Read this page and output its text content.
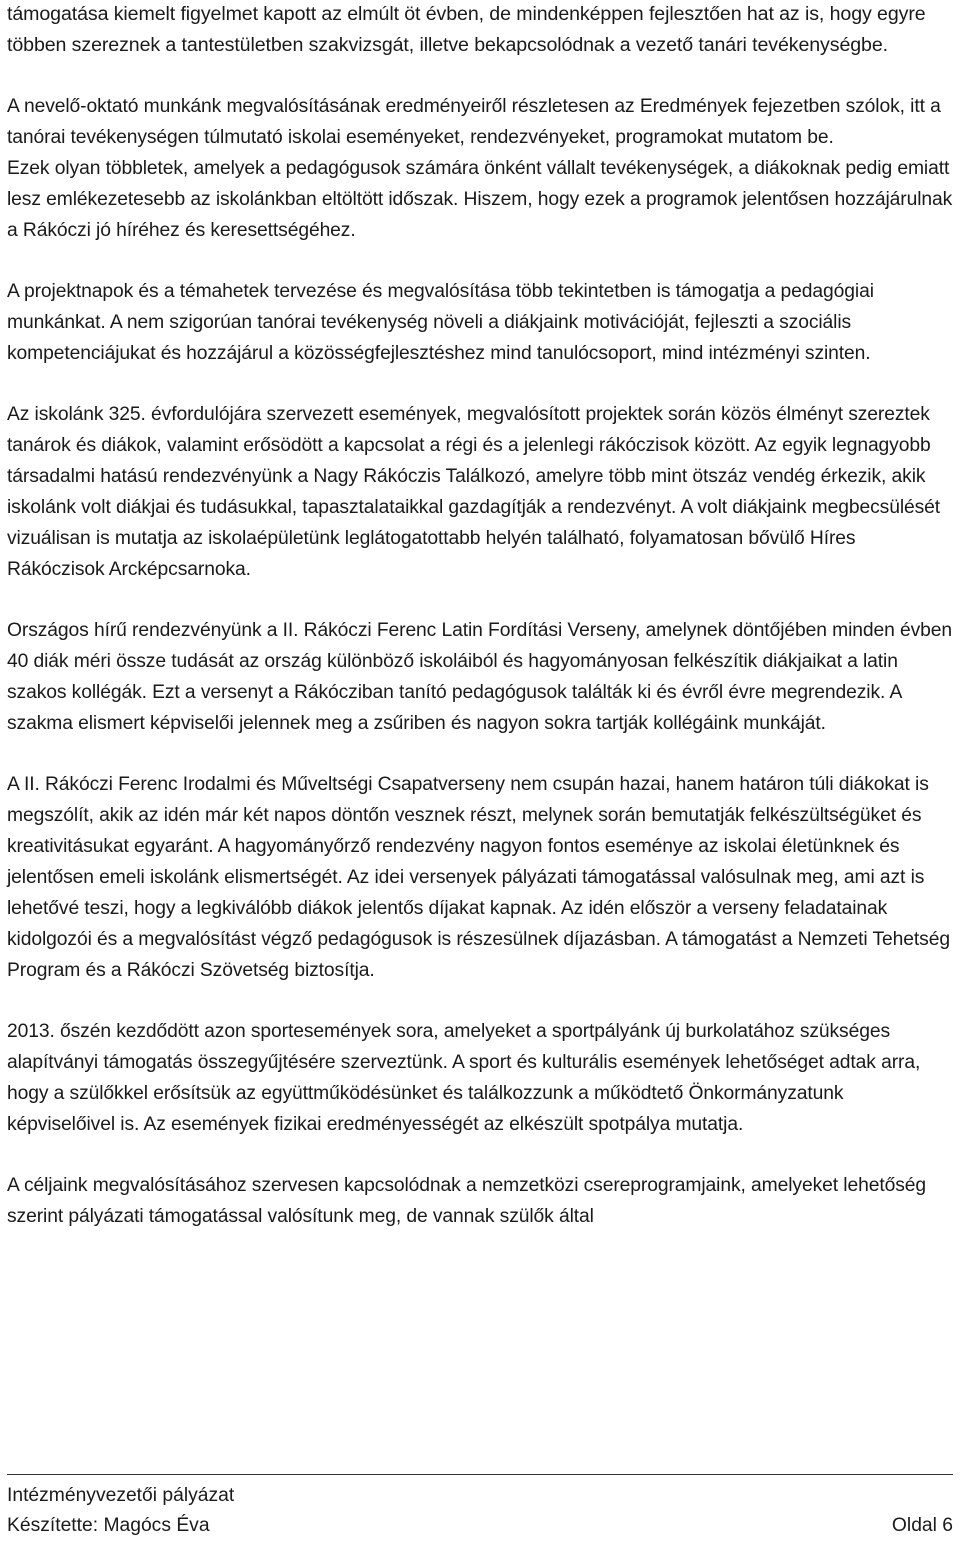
támogatása kiemelt figyelmet kapott az elmúlt öt évben, de mindenképpen fejlesztően hat az is, hogy egyre többen szereznek a tantestületben szakvizsgát, illetve bekapcsolódnak a vezető tanári tevékenységbe.

A nevelő-oktató munkánk megvalósításának eredményeiről részletesen az Eredmények fejezetben szólok, itt a tanórai tevékenységen túlmutató iskolai eseményeket, rendezvényeket, programokat mutatom be.

Ezek olyan többletek, amelyek a pedagógusok számára önként vállalt tevékenységek, a diákoknak pedig emiatt lesz emlékezetesebb az iskolánkban eltöltött időszak. Hiszem, hogy ezek a programok jelentősen hozzájárulnak a Rákóczi jó híréhez és keresettségéhez.

A projektnapok és a témahetek tervezése és megvalósítása több tekintetben is támogatja a pedagógiai munkánkat. A nem szigorúan tanórai tevékenység növeli a diákjaink motivációját, fejleszti a szociális kompetenciájukat és hozzájárul a közösségfejlesztéshez mind tanulócsoport, mind intézményi szinten.

Az iskolánk 325. évfordulójára szervezett események, megvalósított projektek során közös élményt szereztek tanárok és diákok, valamint erősödött a kapcsolat a régi és a jelenlegi rákóczisok között. Az egyik legnagyobb társadalmi hatású rendezvényünk a Nagy Rákóczis Találkozó, amelyre több mint ötszáz vendég érkezik, akik iskolánk volt diákjai és tudásukkal, tapasztalataikkal gazdagítják a rendezvényt. A volt diákjaink megbecsülését vizuálisan is mutatja az iskolaépületünk leglátogatottabb helyén található, folyamatosan bővülő Híres Rákóczisok Arcképcsarnoka.

Országos hírű rendezvényünk a II. Rákóczi Ferenc Latin Fordítási Verseny, amelynek döntőjében minden évben 40 diák méri össze tudását az ország különböző iskoláiból és hagyományosan felkészítik diákjaikat a latin szakos kollégák. Ezt a versenyt a Rákócziban tanító pedagógusok találták ki és évről évre megrendezik. A szakma elismert képviselői jelennek meg a zsűriben és nagyon sokra tartják kollégáink munkáját.

A II. Rákóczi Ferenc Irodalmi és Műveltségi Csapatverseny nem csupán hazai, hanem határon túli diákokat is megszólít, akik az idén már két napos döntőn vesznek részt, melynek során bemutatják felkészültségüket és kreativitásukat egyaránt. A hagyományőrző rendezvény nagyon fontos eseménye az iskolai életünknek és jelentősen emeli iskolánk elismertségét. Az idei versenyek pályázati támogatással valósulnak meg, ami azt is lehetővé teszi, hogy a legkiválóbb diákok jelentős díjakat kapnak. Az idén először a verseny feladatainak kidolgozói és a megvalósítást végző pedagógusok is részesülnek díjazásban. A támogatást a Nemzeti Tehetség Program és a Rákóczi Szövetség biztosítja.

2013. őszén kezdődött azon sportesemények sora, amelyeket a sportpályánk új burkolatához szükséges alapítványi támogatás összegyűjtésére szerveztünk. A sport és kulturális események lehetőséget adtak arra, hogy a szülőkkel erősítsük az együttműködésünket és találkozzunk a működtető Önkormányzatunk képviselőivel is. Az események fizikai eredményességét az elkészült spotpálya mutatja.

A céljaink megvalósításához szervesen kapcsolódnak a nemzetközi csereprogramjaink, amelyeket lehetőség szerint pályázati támogatással valósítunk meg, de vannak szülők által

Intézményvezetői pályázat
Készítette: Magócs Éva	Oldal 6
